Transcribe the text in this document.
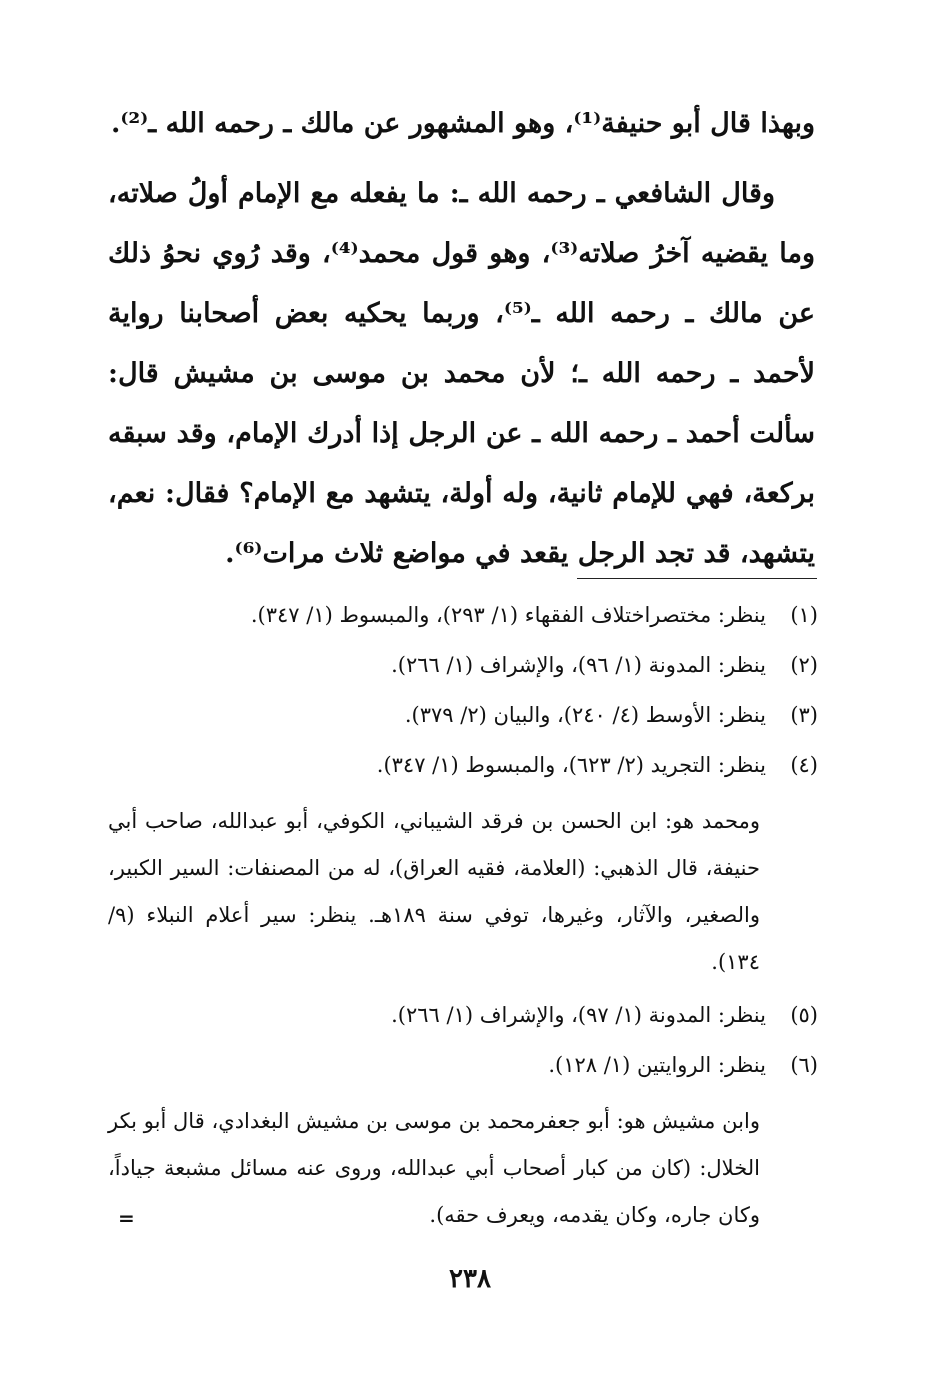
وبهذا قال أبو حنيفة⁽¹⁾، وهو المشهور عن مالك ـ رحمه الله ـ⁽²⁾.

وقال الشافعي ـ رحمه الله ـ: ما يفعله مع الإمام أولُ صلاته، وما يقضيه آخرُ صلاته⁽³⁾، وهو قول محمد⁽⁴⁾، وقد رُوي نحوُ ذلك عن مالك ـ رحمه الله ـ⁽⁵⁾، وربما يحكيه بعض أصحابنا رواية لأحمد ـ رحمه الله ـ؛ لأن محمد بن موسى بن مشيش قال: سألت أحمد ـ رحمه الله ـ عن الرجل إذا أدرك الإمام، وقد سبقه بركعة، فهي للإمام ثانية، وله أولة، يتشهد مع الإمام؟ فقال: نعم، يتشهد، قد تجد الرجل يقعد في مواضع ثلاث مرات⁽⁶⁾.

(١)
ينظر: مختصراختلاف الفقهاء (١/ ٢٩٣)، والمبسوط (١/ ٣٤٧).
(٢)
ينظر: المدونة (١/ ٩٦)، والإشراف (١/ ٢٦٦).
(٣)
ينظر: الأوسط (٤/ ٢٤٠)، والبيان (٢/ ٣٧٩).
(٤)
ينظر: التجريد (٢/ ٦٢٣)، والمبسوط (١/ ٣٤٧).

ومحمد هو: ابن الحسن بن فرقد الشيباني، الكوفي، أبو عبدالله، صاحب أبي حنيفة، قال الذهبي: (العلامة، فقيه العراق)، له من المصنفات: السير الكبير، والصغير، والآثار، وغيرها، توفي سنة ١٨٩هـ. ينظر: سير أعلام النبلاء (٩/ ١٣٤).

(٥)
ينظر: المدونة (١/ ٩٧)، والإشراف (١/ ٢٦٦).
(٦)
ينظر: الروايتين (١/ ١٢٨).

وابن مشيش هو: أبو جعفرمحمد بن موسى بن مشيش البغدادي، قال أبو بكر الخلال: (كان من كبار أصحاب أبي عبدالله، وروى عنه مسائل مشبعة جياداً، وكان جاره، وكان يقدمه، ويعرف حقه).

=
٢٣٨
